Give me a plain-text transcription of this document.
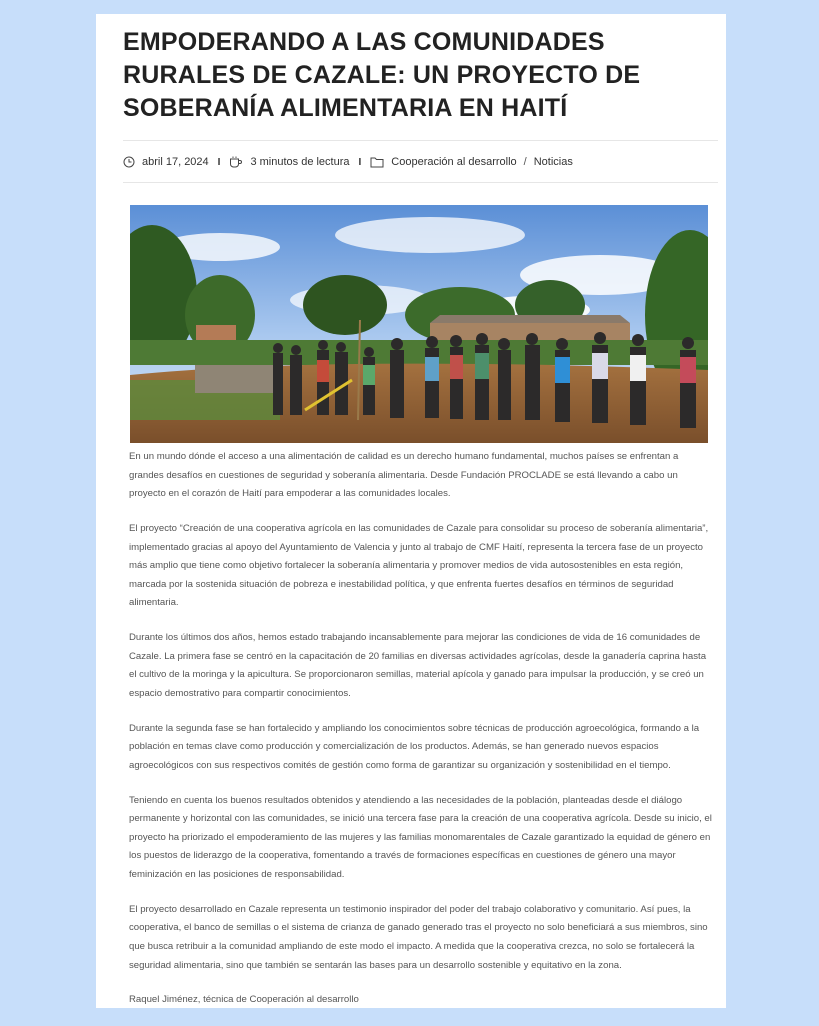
EMPODERANDO A LAS COMUNIDADES RURALES DE CAZALE: UN PROYECTO DE SOBERANÍA ALIMENTARIA EN HAITÍ
abril 17, 2024 I	3 minutos de lectura I	Cooperación al desarrollo / Noticias

En un mundo dónde el acceso a una alimentación de calidad es un derecho humano fundamental, muchos países se enfrentan a grandes desafíos en cuestiones de seguridad y soberanía alimentaria. Desde Fundación PROCLADE se está llevando a cabo un proyecto en el corazón de Haití para empoderar a las comunidades locales.

El proyecto “Creación de una cooperativa agrícola en las comunidades de Cazale para consolidar su proceso de soberanía alimentaria”, implementado gracias al apoyo del Ayuntamiento de Valencia y junto al trabajo de CMF Haití, representa la tercera fase de un proyecto más amplio que tiene como objetivo fortalecer la soberanía alimentaria y promover medios de vida autosostenibles en esta región, marcada por la sostenida situación de pobreza e inestabilidad política, y que enfrenta fuertes desafíos en términos de seguridad alimentaria.

Durante los últimos dos años, hemos estado trabajando incansablemente para mejorar las condiciones de vida de 16 comunidades de Cazale. La primera fase se centró en la capacitación de 20 familias en diversas actividades agrícolas, desde la ganadería caprina hasta el cultivo de la moringa y la apicultura. Se proporcionaron semillas, material apícola y ganado para impulsar la producción, y se creó un espacio demostrativo para compartir conocimientos.

Durante la segunda fase se han fortalecido y ampliando los conocimientos sobre técnicas de producción agroecológica, formando a la población en temas clave como producción y comercialización de los productos. Además, se han generado nuevos espacios agroecológicos con sus respectivos comités de gestión como forma de garantizar su organización y sostenibilidad en el tiempo.

Teniendo en cuenta los buenos resultados obtenidos y atendiendo a las necesidades de la población, planteadas desde el diálogo permanente y horizontal con las comunidades, se inició una tercera fase para la creación de una cooperativa agrícola. Desde su inicio, el proyecto ha priorizado el empoderamiento de las mujeres y las familias monomarentales de Cazale garantizado la equidad de género en los puestos de liderazgo de la cooperativa, fomentando a través de formaciones específicas en cuestiones de género una mayor feminización en las posiciones de responsabilidad.

El proyecto desarrollado en Cazale representa un testimonio inspirador del poder del trabajo colaborativo y comunitario. Así pues, la cooperativa, el banco de semillas o el sistema de crianza de ganado generado tras el proyecto no solo beneficiará a sus miembros, sino que busca retribuir a la comunidad ampliando de este modo el impacto. A medida que la cooperativa crezca, no solo se fortalecerá la seguridad alimentaria, sino que también se sentarán las bases para un desarrollo sostenible y equitativo en la zona.

Raquel Jiménez, técnica de Cooperación al desarrollo
